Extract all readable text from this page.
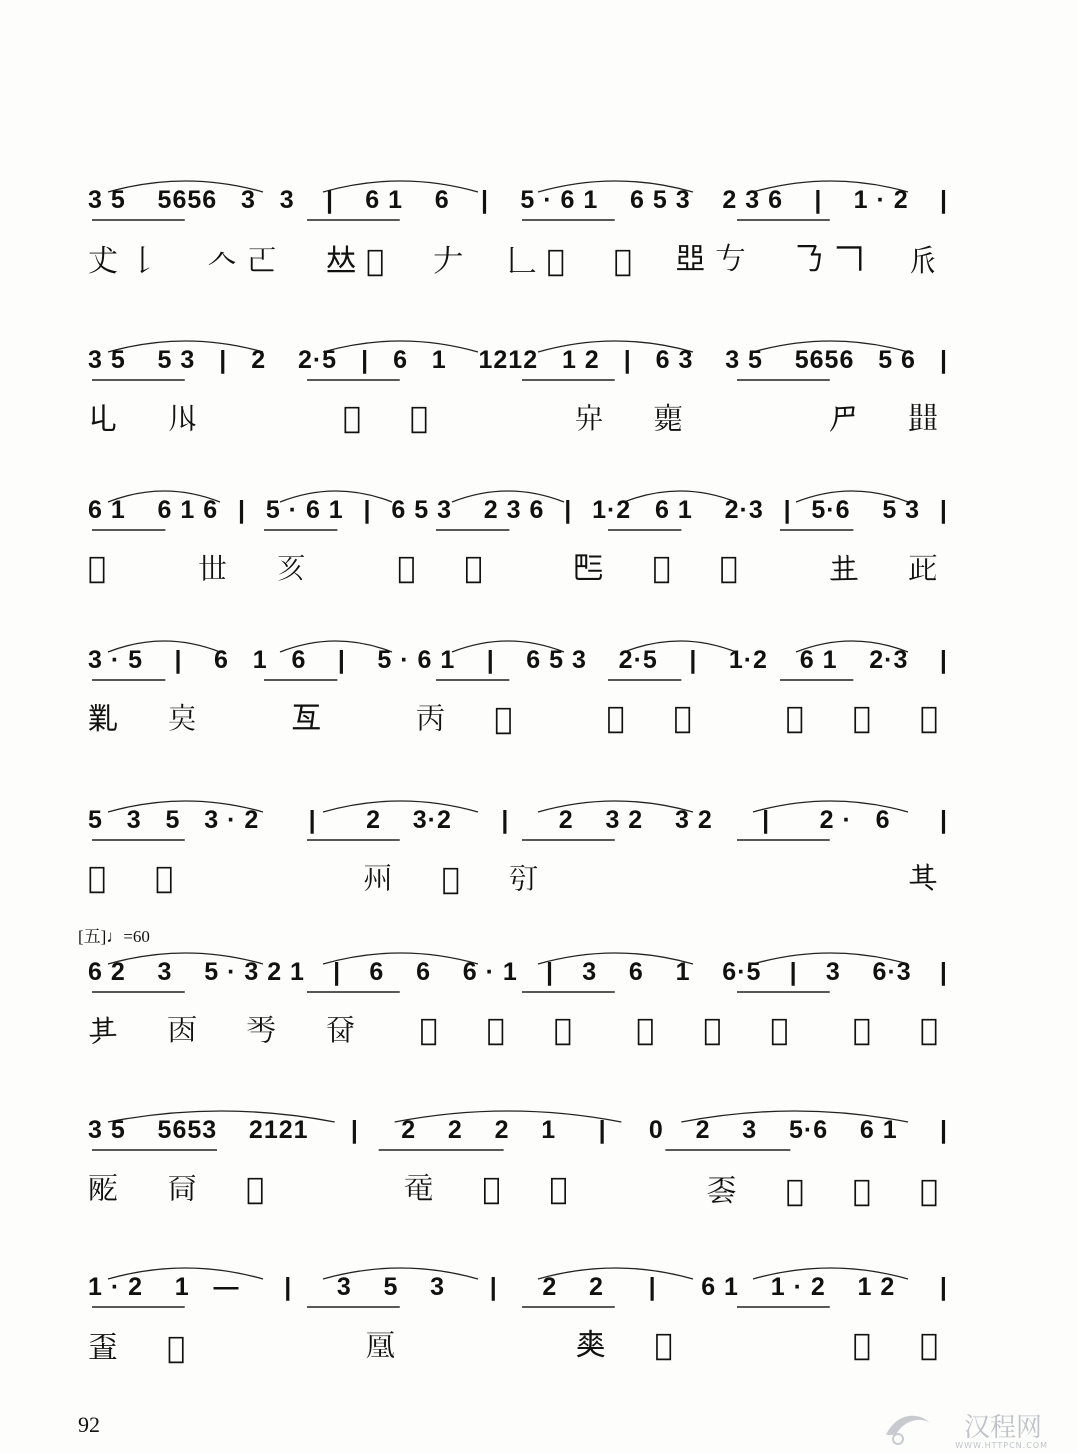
3 5    5656   3   3 | 6 1    6 | 5 · 6 1    6 5 3    2 3 6 | 1 · 2 |
𠀋𠄌  𠆢𠀀  𠀤𠁂  𠂇 𠃊𠄂  𠀖 𠁁𠀁  𠄎𠃍 𠂢
3 5    5 3 | 2    2·5 | 6   1    1212   1 2 | 6 3    3 5    5656   5 6 |
𠃏  𠄓	𠁋  𠀱	𠂂  𠆚	𠃜  𠁠
6 1    6 1 6 | 5 · 6 1 | 6 5 3    2 3 6 | 1·2   6 1    2·3 | 5·6    5 3 |
𠁄	𠀍  𠀔	𠂃  𠁅	𠀧  𠁈  𠃬	𠀎  𠀢
3 · 5 | 6   1   6 | 5 · 6 1 | 6 5 3    2·5 | 1·2    6 1    2·3 |
𠄅  𠅌	𠀕	𠀛  𠀜	𠀝  𠀞	𠀟  𠀠  𠀡
5   3   5   3 · 2 | 2    3·2 | 2    3 2    3 2 | 2 ·   6 |
𠀣  𠀥	𠀦  𠀨  𠀩	𠀪
6 2    3    5 · 3 2 1 | 6    6    6 · 1 | 3    6    1    6·5 | 3    6·3 |
𠀫  𠀬  𠀭  𠀮 𠀯  𠀰  𠀲 𠀳  𠀴  𠀵 𠀶  𠀷
3 5    5653    2121 | 2    2    2    1 | 0    2    3    5·6    6 1 |
𠀸  𠀹  𠀺	𠀻  𠀼  𠀽	𠀾  𠀿  𠁀  𠁃
1 · 2    1   — | 3    5    3 | 2    2 | 6 1    1 · 2    1 2 |
𠁆  𠁇	𠁉	𠁊  𠁌	𠁍  𠁎
[五]♩=60
92	汉程网
WWW.HTTPCN.COM
